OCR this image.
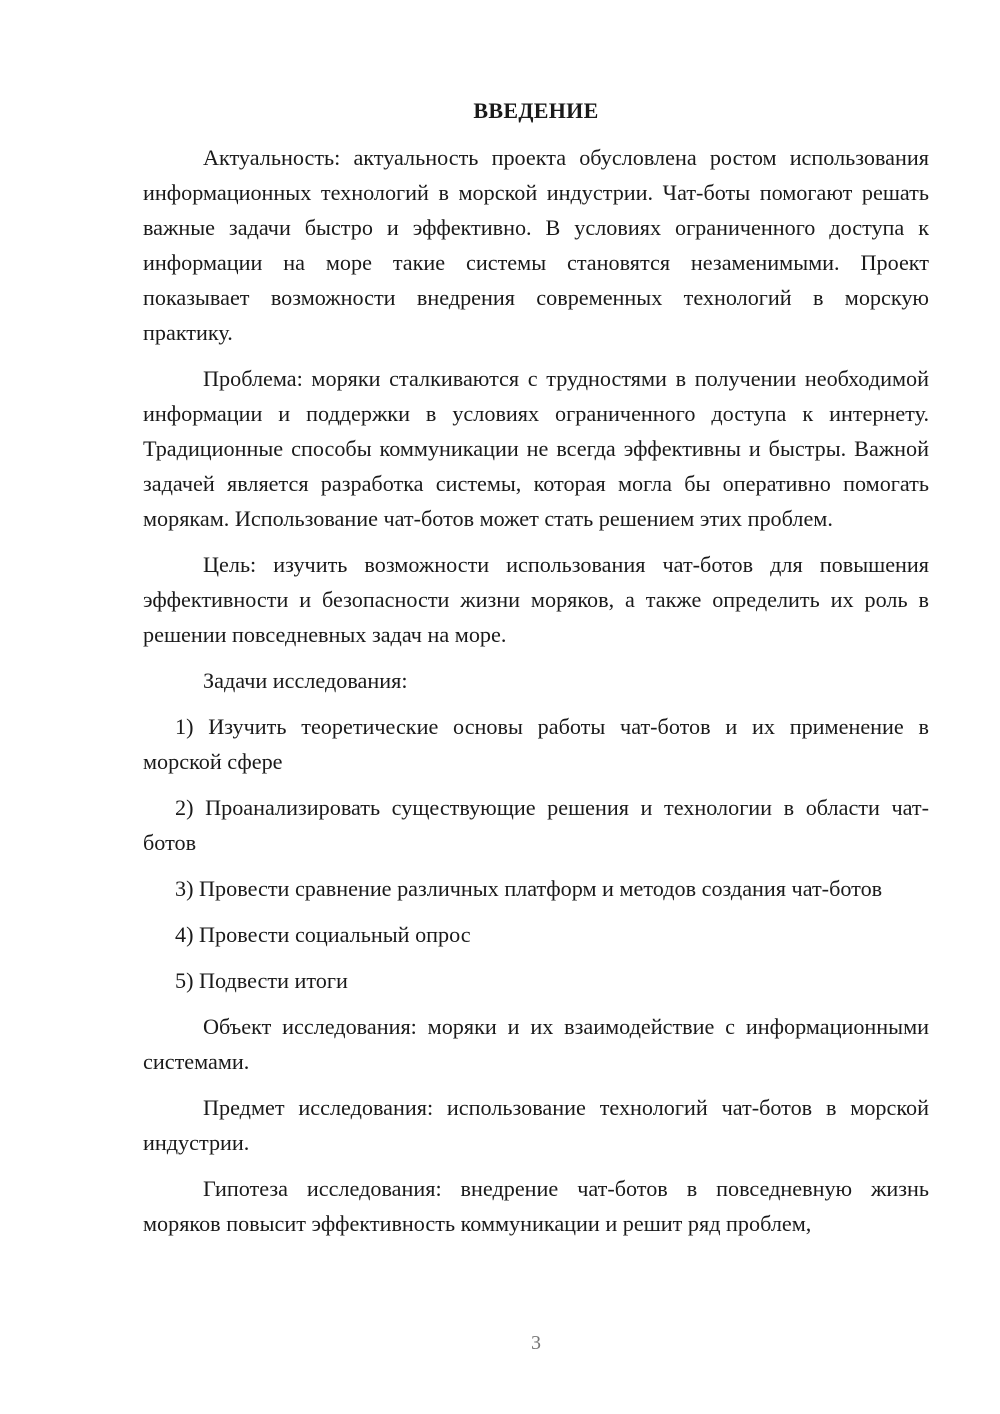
ВВЕДЕНИЕ

Актуальность: актуальность проекта обусловлена ростом использования информационных технологий в морской индустрии. Чат-боты помогают решать важные задачи быстро и эффективно. В условиях ограниченного доступа к информации на море такие системы становятся незаменимыми. Проект показывает возможности внедрения современных технологий в морскую практику.

Проблема: моряки сталкиваются с трудностями в получении необходимой информации и поддержки в условиях ограниченного доступа к интернету. Традиционные способы коммуникации не всегда эффективны и быстры. Важной задачей является разработка системы, которая могла бы оперативно помогать морякам. Использование чат-ботов может стать решением этих проблем.

Цель: изучить возможности использования чат-ботов для повышения эффективности и безопасности жизни моряков, а также определить их роль в решении повседневных задач на море.

Задачи исследования:

1) Изучить теоретические основы работы чат-ботов и их применение в морской сфере

2) Проанализировать существующие решения и технологии в области чат-ботов

3) Провести сравнение различных платформ и методов создания чат-ботов

4) Провести социальный опрос

5) Подвести итоги

Объект исследования: моряки и их взаимодействие с информационными системами.

Предмет исследования: использование технологий чат-ботов в морской индустрии.

Гипотеза исследования: внедрение чат-ботов в повседневную жизнь моряков повысит эффективность коммуникации и решит ряд проблем,

3
